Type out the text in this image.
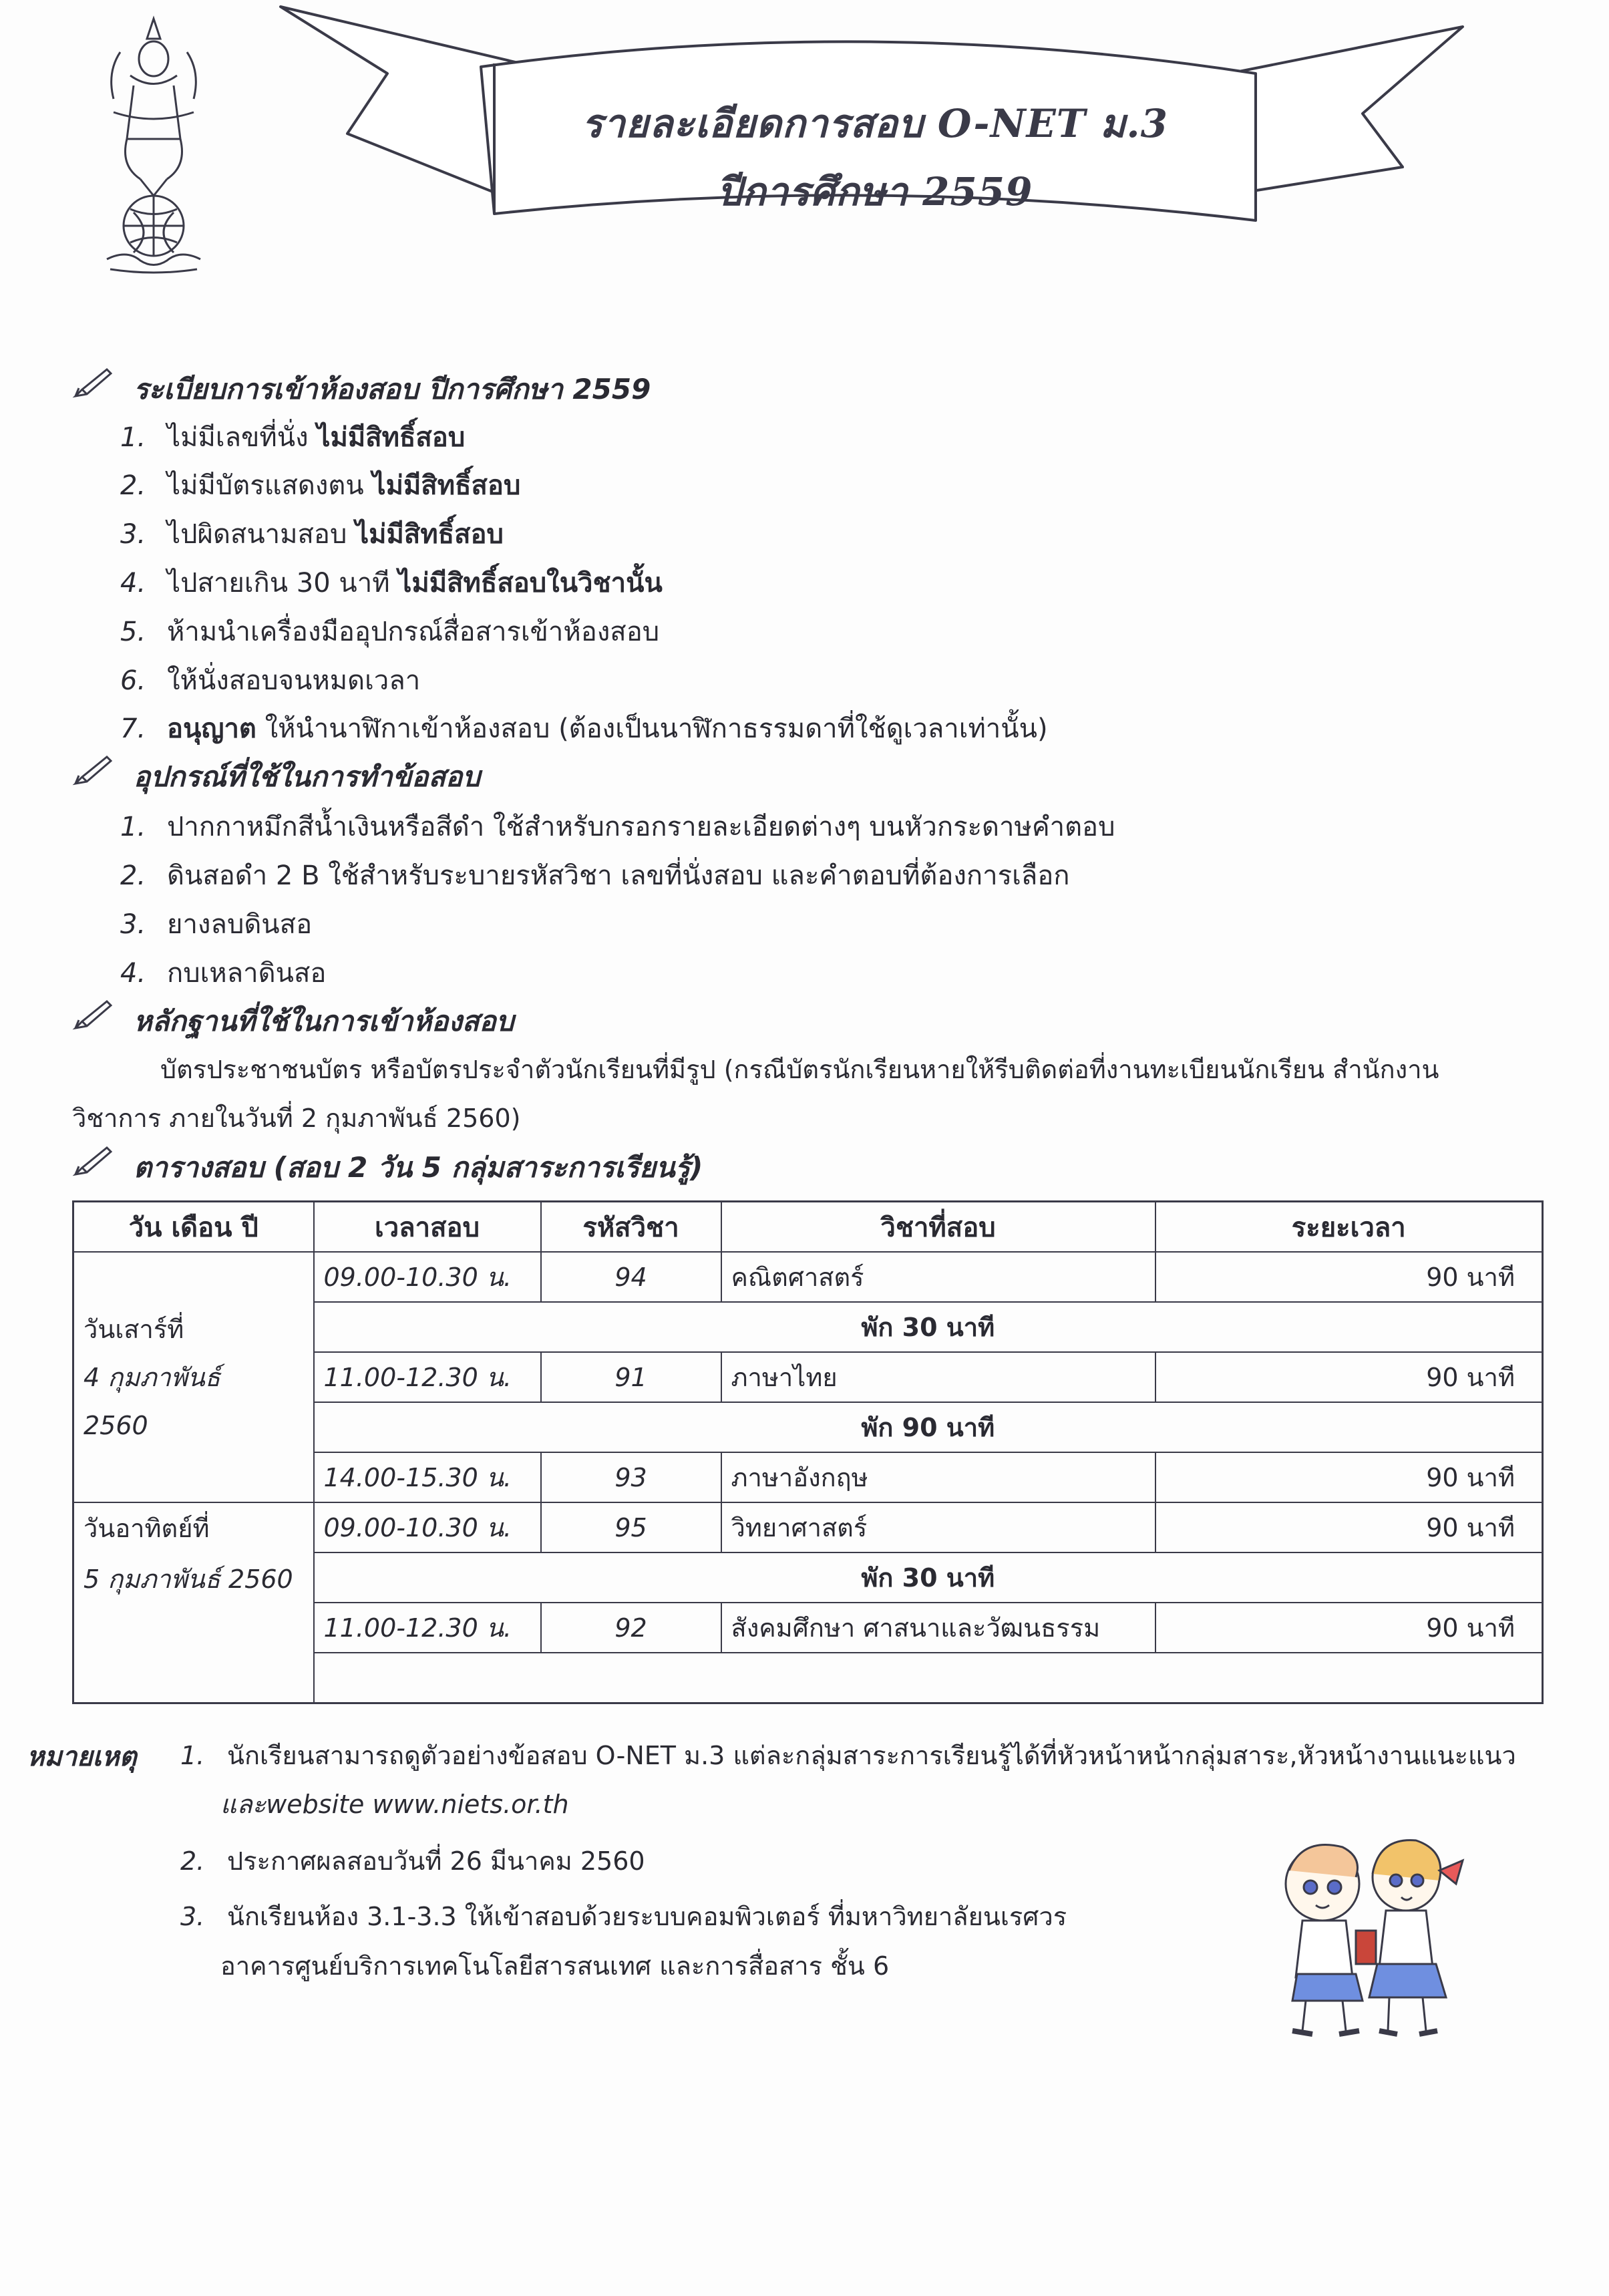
รายละเอียดการสอบ O-NET ม.3
ปีการศึกษา 2559
ระเบียบการเข้าห้องสอบ ปีการศึกษา 2559
1. ไม่มีเลขที่นั่ง ไม่มีสิทธิ์สอบ
2. ไม่มีบัตรแสดงตน ไม่มีสิทธิ์สอบ
3. ไปผิดสนามสอบ ไม่มีสิทธิ์สอบ
4. ไปสายเกิน 30 นาที ไม่มีสิทธิ์สอบในวิชานั้น
5. ห้ามนำเครื่องมืออุปกรณ์สื่อสารเข้าห้องสอบ
6. ให้นั่งสอบจนหมดเวลา
7. อนุญาต ให้นำนาฬิกาเข้าห้องสอบ (ต้องเป็นนาฬิกาธรรมดาที่ใช้ดูเวลาเท่านั้น)
อุปกรณ์ที่ใช้ในการทำข้อสอบ
1. ปากกาหมึกสีน้ำเงินหรือสีดำ ใช้สำหรับกรอกรายละเอียดต่างๆ บนหัวกระดาษคำตอบ
2. ดินสอดำ 2 B ใช้สำหรับระบายรหัสวิชา เลขที่นั่งสอบ และคำตอบที่ต้องการเลือก
3. ยางลบดินสอ
4. กบเหลาดินสอ
หลักฐานที่ใช้ในการเข้าห้องสอบ
บัตรประชาชนบัตร หรือบัตรประจำตัวนักเรียนที่มีรูป (กรณีบัตรนักเรียนหายให้รีบติดต่อที่งานทะเบียนนักเรียน สำนักงาน
วิชาการ ภายในวันที่ 2 กุมภาพันธ์ 2560)
ตารางสอบ (สอบ 2 วัน 5 กลุ่มสาระการเรียนรู้)
วัน เดือน ปี	เวลาสอบ	รหัสวิชา	วิชาที่สอบ	ระยะเวลา

วันเสาร์ที่
4 กุมภาพันธ์
2560	09.00-10.30 น.	94	คณิตศาสตร์	90 นาที
	พัก 30 นาที			
	11.00-12.30 น.	91	ภาษาไทย	90 นาที
	พัก 90 นาที			
	14.00-15.30 น.	93	ภาษาอังกฤษ	90 นาที

วันอาทิตย์ที่
5 กุมภาพันธ์ 2560	09.00-10.30 น.	95	วิทยาศาสตร์	90 นาที
	พัก 30 นาที			
	11.00-12.30 น.	92	สังคมศึกษา ศาสนาและวัฒนธรรม	90 นาที

หมายเหตุ 1. นักเรียนสามารถดูตัวอย่างข้อสอบ O-NET ม.3 แต่ละกลุ่มสาระการเรียนรู้ได้ที่หัวหน้าหน้ากลุ่มสาระ,หัวหน้างานแนะแนว
และwebsite www.niets.or.th
2. ประกาศผลสอบวันที่ 26 มีนาคม 2560
3. นักเรียนห้อง 3.1-3.3 ให้เข้าสอบด้วยระบบคอมพิวเตอร์ ที่มหาวิทยาลัยนเรศวร
อาคารศูนย์บริการเทคโนโลยีสารสนเทศ และการสื่อสาร ชั้น 6
